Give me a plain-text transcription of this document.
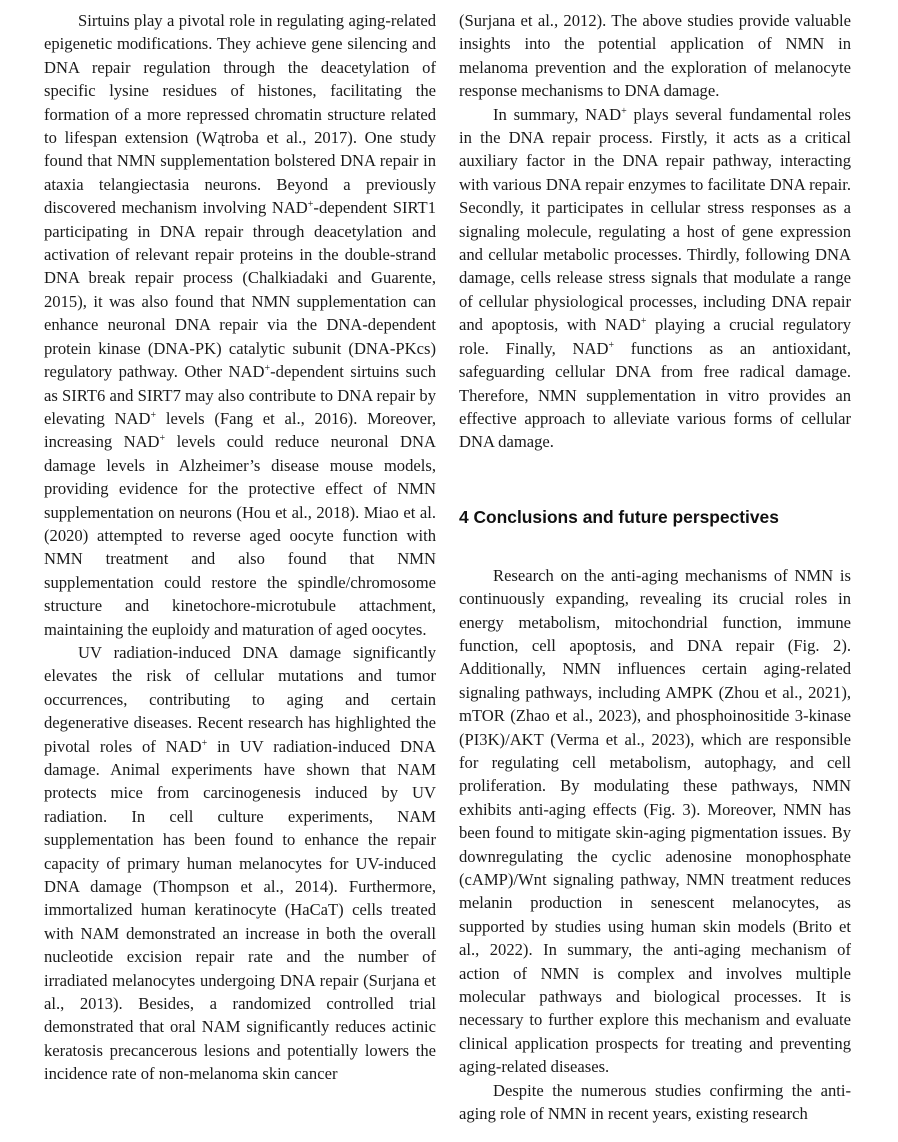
Sirtuins play a pivotal role in regulating aging-related epigenetic modifications. They achieve gene silencing and DNA repair regulation through the deacetylation of specific lysine residues of histones, facilitating the formation of a more repressed chromatin structure related to lifespan extension (Wątroba et al., 2017). One study found that NMN supplementation bolstered DNA repair in ataxia telangiectasia neurons. Beyond a previously discovered mechanism involving NAD+-dependent SIRT1 participating in DNA repair through deacetylation and activation of relevant repair proteins in the double-strand DNA break repair process (Chalkiadaki and Guarente, 2015), it was also found that NMN supplementation can enhance neuronal DNA repair via the DNA-dependent protein kinase (DNA-PK) catalytic subunit (DNA-PKcs) regulatory pathway. Other NAD+-dependent sirtuins such as SIRT6 and SIRT7 may also contribute to DNA repair by elevating NAD+ levels (Fang et al., 2016). Moreover, increasing NAD+ levels could reduce neuronal DNA damage levels in Alzheimer’s disease mouse models, providing evidence for the protective effect of NMN supplementation on neurons (Hou et al., 2018). Miao et al. (2020) attempted to reverse aged oocyte function with NMN treatment and also found that NMN supplementation could restore the spindle/chromosome structure and kinetochore-microtubule attachment, maintaining the euploidy and maturation of aged oocytes.

UV radiation-induced DNA damage significantly elevates the risk of cellular mutations and tumor occurrences, contributing to aging and certain degenerative diseases. Recent research has highlighted the pivotal roles of NAD+ in UV radiation-induced DNA damage. Animal experiments have shown that NAM protects mice from carcinogenesis induced by UV radiation. In cell culture experiments, NAM supplementation has been found to enhance the repair capacity of primary human melanocytes for UV-induced DNA damage (Thompson et al., 2014). Furthermore, immortalized human keratinocyte (HaCaT) cells treated with NAM demonstrated an increase in both the overall nucleotide excision repair rate and the number of irradiated melanocytes undergoing DNA repair (Surjana et al., 2013). Besides, a randomized controlled trial demonstrated that oral NAM significantly reduces actinic keratosis precancerous lesions and potentially lowers the incidence rate of non-melanoma skin cancer

(Surjana et al., 2012). The above studies provide valuable insights into the potential application of NMN in melanoma prevention and the exploration of melanocyte response mechanisms to DNA damage.

In summary, NAD+ plays several fundamental roles in the DNA repair process. Firstly, it acts as a critical auxiliary factor in the DNA repair pathway, interacting with various DNA repair enzymes to facilitate DNA repair. Secondly, it participates in cellular stress responses as a signaling molecule, regulating a host of gene expression and cellular metabolic processes. Thirdly, following DNA damage, cells release stress signals that modulate a range of cellular physiological processes, including DNA repair and apoptosis, with NAD+ playing a crucial regulatory role. Finally, NAD+ functions as an antioxidant, safeguarding cellular DNA from free radical damage. Therefore, NMN supplementation in vitro provides an effective approach to alleviate various forms of cellular DNA damage.

4 Conclusions and future perspectives

Research on the anti-aging mechanisms of NMN is continuously expanding, revealing its crucial roles in energy metabolism, mitochondrial function, immune function, cell apoptosis, and DNA repair (Fig. 2). Additionally, NMN influences certain aging-related signaling pathways, including AMPK (Zhou et al., 2021), mTOR (Zhao et al., 2023), and phosphoinositide 3-kinase (PI3K)/AKT (Verma et al., 2023), which are responsible for regulating cell metabolism, autophagy, and cell proliferation. By modulating these pathways, NMN exhibits anti-aging effects (Fig. 3). Moreover, NMN has been found to mitigate skin-aging pigmentation issues. By downregulating the cyclic adenosine monophosphate (cAMP)/Wnt signaling pathway, NMN treatment reduces melanin production in senescent melanocytes, as supported by studies using human skin models (Brito et al., 2022). In summary, the anti-aging mechanism of action of NMN is complex and involves multiple molecular pathways and biological processes. It is necessary to further explore this mechanism and evaluate clinical application prospects for treating and preventing aging-related diseases.

Despite the numerous studies confirming the anti-aging role of NMN in recent years, existing research
